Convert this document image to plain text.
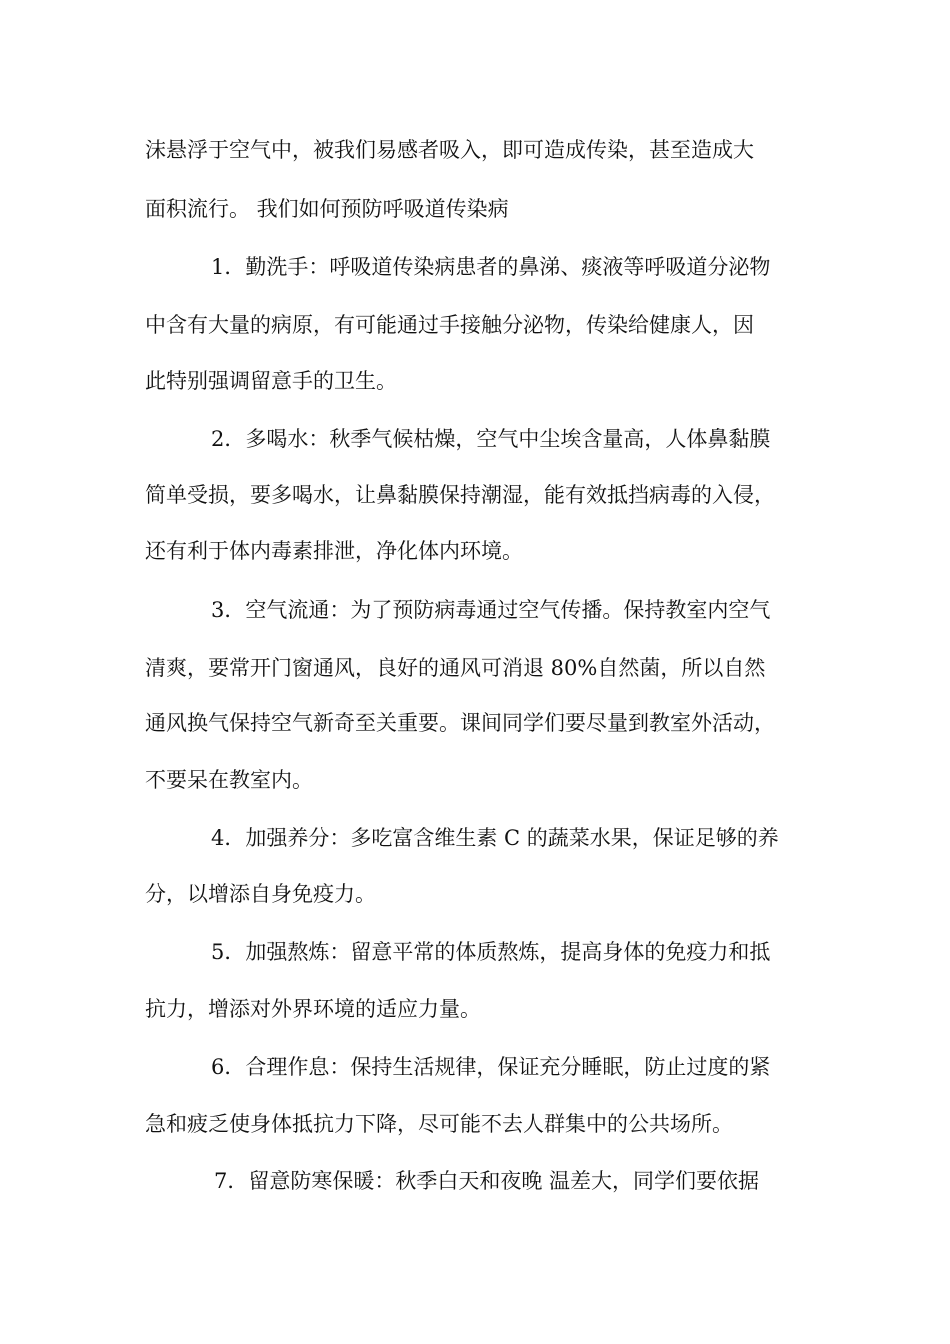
沫悬浮于空气中，被我们易感者吸入，即可造成传染，甚至造成大
面积流行。 我们如何预防呼吸道传染病
1．勤洗手：呼吸道传染病患者的鼻涕、痰液等呼吸道分泌物
中含有大量的病原，有可能通过手接触分泌物，传染给健康人，因
此特别强调留意手的卫生。
2．多喝水：秋季气候枯燥，空气中尘埃含量高，人体鼻黏膜
简单受损，要多喝水，让鼻黏膜保持潮湿，能有效抵挡病毒的入侵，
还有利于体内毒素排泄，净化体内环境。
3．空气流通：为了预防病毒通过空气传播。保持教室内空气
清爽，要常开门窗通风，良好的通风可消退 80%自然菌，所以自然
通风换气保持空气新奇至关重要。课间同学们要尽量到教室外活动，
不要呆在教室内。
4．加强养分：多吃富含维生素 C 的蔬菜水果，保证足够的养
分，以增添自身免疫力。
5．加强熬炼：留意平常的体质熬炼，提高身体的免疫力和抵
抗力，增添对外界环境的适应力量。
6．合理作息：保持生活规律，保证充分睡眠，防止过度的紧
急和疲乏使身体抵抗力下降，尽可能不去人群集中的公共场所。
7．留意防寒保暖：秋季白天和夜晚 温差大，同学们要依据
